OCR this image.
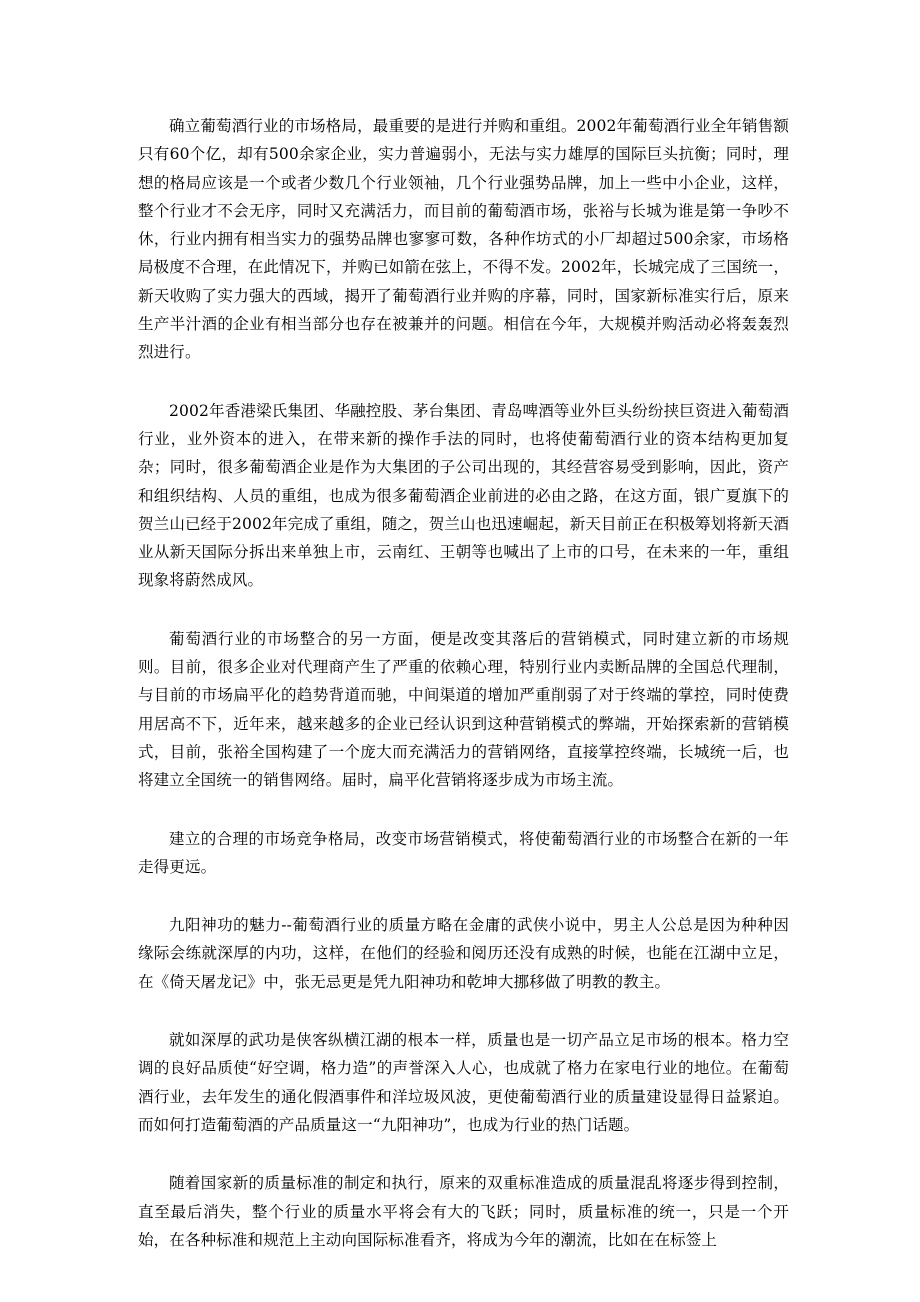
确立葡萄酒行业的市场格局，最重要的是进行并购和重组。2002年葡萄酒行业全年销售额只有60个亿，却有500余家企业，实力普遍弱小，无法与实力雄厚的国际巨头抗衡；同时，理想的格局应该是一个或者少数几个行业领袖，几个行业强势品牌，加上一些中小企业，这样，整个行业才不会无序，同时又充满活力，而目前的葡萄酒市场，张裕与长城为谁是第一争吵不休，行业内拥有相当实力的强势品牌也寥寥可数，各种作坊式的小厂却超过500余家，市场格局极度不合理，在此情况下，并购已如箭在弦上，不得不发。2002年，长城完成了三国统一，新天收购了实力强大的西域，揭开了葡萄酒行业并购的序幕，同时，国家新标准实行后，原来生产半汁酒的企业有相当部分也存在被兼并的问题。相信在今年，大规模并购活动必将轰轰烈烈进行。

2002年香港梁氏集团、华融控股、茅台集团、青岛啤酒等业外巨头纷纷挟巨资进入葡萄酒行业，业外资本的进入，在带来新的操作手法的同时，也将使葡萄酒行业的资本结构更加复杂；同时，很多葡萄酒企业是作为大集团的子公司出现的，其经营容易受到影响，因此，资产和组织结构、人员的重组，也成为很多葡萄酒企业前进的必由之路，在这方面，银广夏旗下的贺兰山已经于2002年完成了重组，随之，贺兰山也迅速崛起，新天目前正在积极筹划将新天酒业从新天国际分拆出来单独上市，云南红、王朝等也喊出了上市的口号，在未来的一年，重组现象将蔚然成风。

葡萄酒行业的市场整合的另一方面，便是改变其落后的营销模式，同时建立新的市场规则。目前，很多企业对代理商产生了严重的依赖心理，特别行业内卖断品牌的全国总代理制，与目前的市场扁平化的趋势背道而驰，中间渠道的增加严重削弱了对于终端的掌控，同时使费用居高不下，近年来，越来越多的企业已经认识到这种营销模式的弊端，开始探索新的营销模式，目前，张裕全国构建了一个庞大而充满活力的营销网络，直接掌控终端，长城统一后，也将建立全国统一的销售网络。届时，扁平化营销将逐步成为市场主流。

建立的合理的市场竞争格局，改变市场营销模式，将使葡萄酒行业的市场整合在新的一年走得更远。

九阳神功的魅力--葡萄酒行业的质量方略在金庸的武侠小说中，男主人公总是因为种种因缘际会练就深厚的内功，这样，在他们的经验和阅历还没有成熟的时候，也能在江湖中立足，在《倚天屠龙记》中，张无忌更是凭九阳神功和乾坤大挪移做了明教的教主。

就如深厚的武功是侠客纵横江湖的根本一样，质量也是一切产品立足市场的根本。格力空调的良好品质使“好空调，格力造”的声誉深入人心，也成就了格力在家电行业的地位。在葡萄酒行业，去年发生的通化假酒事件和洋垃圾风波，更使葡萄酒行业的质量建设显得日益紧迫。而如何打造葡萄酒的产品质量这一“九阳神功”，也成为行业的热门话题。

随着国家新的质量标准的制定和执行，原来的双重标准造成的质量混乱将逐步得到控制，直至最后消失，整个行业的质量水平将会有大的飞跃；同时，质量标准的统一，只是一个开始，在各种标准和规范上主动向国际标准看齐，将成为今年的潮流，比如在在标签上
